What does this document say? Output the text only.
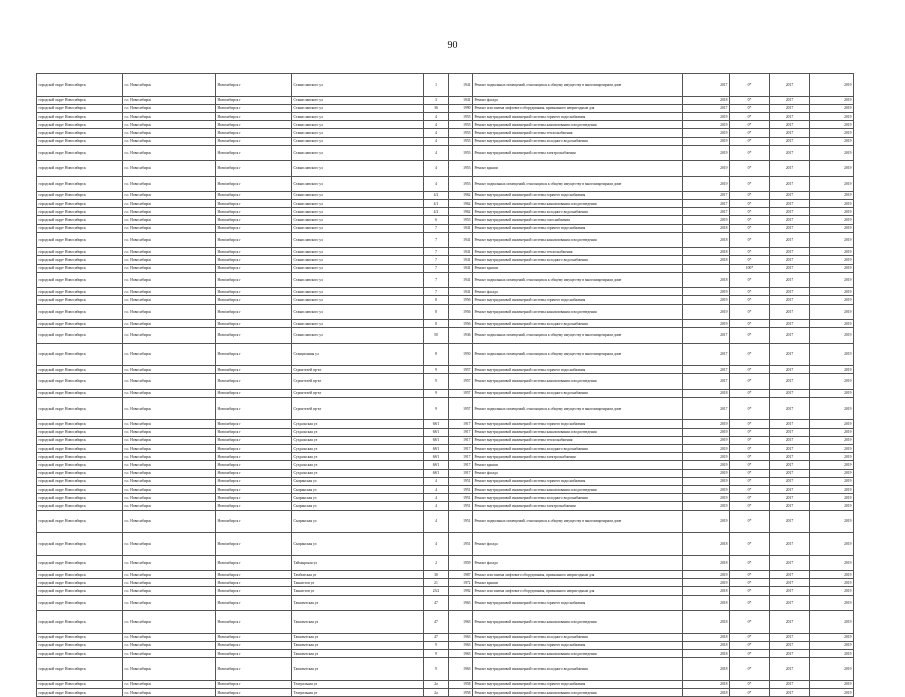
90
городской округ Новосибирск	г.о. Новосибирск	Новосибирск г	Станиславского ул	1	1941	Ремонт подвальных помещений, относящихся к общему имуществу в многоквартирном доме	2017	0*	2017	2019
городской округ Новосибирск	г.о. Новосибирск	Новосибирск г	Станиславского ул	3	1941	Ремонт фасада	2018	0*	2017	2019
городской округ Новосибирск	г.о. Новосибирск	Новосибирск г	Станиславского ул	36	1990	Ремонт или замена лифтового оборудования, признанного непригодным для	2017	0*	2017	2019
городской округ Новосибирск	г.о. Новосибирск	Новосибирск г	Станиславского ул	4	1953	Ремонт внутридомовой инженерной системы горячего водоснабжения	2019	0*	2017	2019
городской округ Новосибирск	г.о. Новосибирск	Новосибирск г	Станиславского ул	4	1953	Ремонт внутридомовой инженерной системы канализования и водоотведения	2019	0*	2017	2019
городской округ Новосибирск	г.о. Новосибирск	Новосибирск г	Станиславского ул	4	1953	Ремонт внутридомовой инженерной системы теплоснабжения	2019	0*	2017	2019
городской округ Новосибирск	г.о. Новосибирск	Новосибирск г	Станиславского ул	4	1953	Ремонт внутридомовой инженерной системы холодного водоснабжения	2019	0*	2017	2019
городской округ Новосибирск	г.о. Новосибирск	Новосибирск г	Станиславского ул	4	1953	Ремонт внутридомовой инженерной системы электроснабжения	2019	0*	2017	2019
городской округ Новосибирск	г.о. Новосибирск	Новосибирск г	Станиславского ул	4	1953	Ремонт крыши	2019	0*	2017	2019
городской округ Новосибирск	г.о. Новосибирск	Новосибирск г	Станиславского ул	4	1953	Ремонт подвальных помещений, относящихся к общему имуществу в многоквартирном доме	2019	0*	2017	2019
городской округ Новосибирск	г.о. Новосибирск	Новосибирск г	Станиславского ул	4/2	1962	Ремонт внутридомовой инженерной системы горячего водоснабжения	2017	0*	2017	2019
городской округ Новосибирск	г.о. Новосибирск	Новосибирск г	Станиславского ул	4/1	1962	Ремонт внутридомовой инженерной системы канализования и водоотведения	2017	0*	2017	2019
городской округ Новосибирск	г.о. Новосибирск	Новосибирск г	Станиславского ул	4/2	1962	Ремонт внутридомовой инженерной системы холодного водоснабжения	2017	0*	2017	2019
городской округ Новосибирск	г.о. Новосибирск	Новосибирск г	Станиславского ул	6	1953	Ремонт внутридомовой инженерной системы газоснабжения	2019	0*	2017	2019
городской округ Новосибирск	г.о. Новосибирск	Новосибирск г	Станиславского ул	7	1941	Ремонт внутридомовой инженерной системы горячего водоснабжения	2018	0*	2017	2019
городской округ Новосибирск	г.о. Новосибирск	Новосибирск г	Станиславского ул	7	1941	Ремонт внутридомовой инженерной системы канализования и водоотведения	2018	0*	2017	2019
городской округ Новосибирск	г.о. Новосибирск	Новосибирск г	Станиславского ул	7	1941	Ремонт внутридомовой инженерной системы теплоснабжения	2018	0*	2017	2019
городской округ Новосибирск	г.о. Новосибирск	Новосибирск г	Станиславского ул	7	1941	Ремонт внутридомовой инженерной системы холодного водоснабжения	2018	0*	2017	2019
городской округ Новосибирск	г.о. Новосибирск	Новосибирск г	Станиславского ул	7	1941	Ремонт крыши		100*	2017	2019
городской округ Новосибирск	г.о. Новосибирск	Новосибирск г	Станиславского ул	7	1941	Ремонт подвальных помещений, относящихся к общему имуществу в многоквартирном доме	2018	0*	2017	2019
городской округ Новосибирск	г.о. Новосибирск	Новосибирск г	Станиславского ул	7	1941	Ремонт фасада	2019	0*	2017	2019
городской округ Новосибирск	г.о. Новосибирск	Новосибирск г	Станиславского ул	8	1956	Ремонт внутридомовой инженерной системы горячего водоснабжения	2019	0*	2017	2019
городской округ Новосибирск	г.о. Новосибирск	Новосибирск г	Станиславского ул	8	1956	Ремонт внутридомовой инженерной системы канализования и водоотведения	2019	0*	2017	2019
городской округ Новосибирск	г.о. Новосибирск	Новосибирск г	Станиславского ул	8	1956	Ремонт внутридомовой инженерной системы холодного водоснабжения	2019	0*	2017	2019
городской округ Новосибирск	г.о. Новосибирск	Новосибирск г	Станиславского ул	50	1936	Ремонт подвальных помещений, относящихся к общему имуществу в многоквартирном доме	2017	0*	2017	2019
городской округ Новосибирск	г.о. Новосибирск	Новосибирск г	Станционная ул	8	1950	Ремонт подвальных помещений, относящихся к общему имуществу в многоквартирном доме	2017	0*	2017	2019
городской округ Новосибирск	г.о. Новосибирск	Новосибирск г	Строителей пр-кт	9	1957	Ремонт внутридомовой инженерной системы горячего водоснабжения	2017	0*	2017	2019
городской округ Новосибирск	г.о. Новосибирск	Новосибирск г	Строителей пр-кт	9	1957	Ремонт внутридомовой инженерной системы канализования и водоотведения	2017	0*	2017	2019
городской округ Новосибирск	г.о. Новосибирск	Новосибирск г	Строителей пр-кт	9	1957	Ремонт внутридомовой инженерной системы холодного водоснабжения	2018	0*	2017	2019
городской округ Новосибирск	г.о. Новосибирск	Новосибирск г	Строителей пр-кт	9	1957	Ремонт подвальных помещений, относящихся к общему имуществу в многоквартирном доме	2017	0*	2017	2019
городской округ Новосибирск	г.о. Новосибирск	Новосибирск г	Суздальская ул	68/1	1917	Ремонт внутридомовой инженерной системы горячего водоснабжения	2019	0*	2017	2019
городской округ Новосибирск	г.о. Новосибирск	Новосибирск г	Суздальская ул	68/1	1917	Ремонт внутридомовой инженерной системы канализования и водоотведения	2019	0*	2017	2019
городской округ Новосибирск	г.о. Новосибирск	Новосибирск г	Суздальская ул	68/1	1917	Ремонт внутридомовой инженерной системы теплоснабжения	2019	0*	2017	2019
городской округ Новосибирск	г.о. Новосибирск	Новосибирск г	Суздальская ул	68/1	1917	Ремонт внутридомовой инженерной системы холодного водоснабжения	2019	0*	2017	2019
городской округ Новосибирск	г.о. Новосибирск	Новосибирск г	Суздальская ул	68/1	1917	Ремонт внутридомовой инженерной системы электроснабжения	2019	0*	2017	2019
городской округ Новосибирск	г.о. Новосибирск	Новосибирск г	Суздальская ул	68/1	1917	Ремонт крыши	2019	0*	2017	2019
городской округ Новосибирск	г.о. Новосибирск	Новосибирск г	Суздальская ул	68/1	1917	Ремонт фасада	2019	0*	2017	2019
городской округ Новосибирск	г.о. Новосибирск	Новосибирск г	Сызранская ул	4	1951	Ремонт внутридомовой инженерной системы горячего водоснабжения	2019	0*	2017	2019
городской округ Новосибирск	г.о. Новосибирск	Новосибирск г	Сызранская ул	4	1951	Ремонт внутридомовой инженерной системы канализования и водоотведения	2019	0*	2017	2019
городской округ Новосибирск	г.о. Новосибирск	Новосибирск г	Сызранская ул	4	1951	Ремонт внутридомовой инженерной системы холодного водоснабжения	2019	0*	2017	2019
городской округ Новосибирск	г.о. Новосибирск	Новосибирск г	Сызранская ул	4	1951	Ремонт внутридомовой инженерной системы электроснабжения	2019	0*	2017	2019
городской округ Новосибирск	г.о. Новосибирск	Новосибирск г	Сызранская ул	4	1951	Ремонт подвальных помещений, относящихся к общему имуществу в многоквартирном доме	2019	0*	2017	2019
городской округ Новосибирск	г.о. Новосибирск	Новосибирск г	Сызранская ул	4	1951	Ремонт фасада	2018	0*	2017	2019
городской округ Новосибирск	г.о. Новосибирск	Новосибирск г	Таймырская ул	2	1959	Ремонт фасада	2018	0*	2017	2019
городской округ Новосибирск	г.о. Новосибирск	Новосибирск г	Тамбовская ул	30	1987	Ремонт или замена лифтового оборудования, признанного непригодным для	2019	0*	2017	2019
городской округ Новосибирск	г.о. Новосибирск	Новосибирск г	Танкистов ул	21	1972	Ремонт крыши	2019	0*	2017	2019
городской округ Новосибирск	г.о. Новосибирск	Новосибирск г	Танкистов ул	23/2	1992	Ремонт или замена лифтового оборудования, признанного непригодным для	2018	0*	2017	2019
городской округ Новосибирск	г.о. Новосибирск	Новосибирск г	Ташкентская ул	47	1963	Ремонт внутридомовой инженерной системы горячего водоснабжения	2018	0*	2017	2019
городской округ Новосибирск	г.о. Новосибирск	Новосибирск г	Ташкентская ул	47	1963	Ремонт внутридомовой инженерной системы канализования и водоотведения	2018	0*	2017	2019
городской округ Новосибирск	г.о. Новосибирск	Новосибирск г	Ташкентская ул	47	1963	Ремонт внутридомовой инженерной системы холодного водоснабжения	2018	0*	2017	2019
городской округ Новосибирск	г.о. Новосибирск	Новосибирск г	Ташкентская ул	9	1963	Ремонт внутридомовой инженерной системы горячего водоснабжения	2018	0*	2017	2019
городской округ Новосибирск	г.о. Новосибирск	Новосибирск г	Ташкентская ул	9	1963	Ремонт внутридомовой инженерной системы канализования и водоотведения	2018	0*	2017	2019
городской округ Новосибирск	г.о. Новосибирск	Новосибирск г	Ташкентская ул	9	1963	Ремонт внутридомовой инженерной системы холодного водоснабжения	2018	0*	2017	2019
городской округ Новосибирск	г.о. Новосибирск	Новосибирск г	Театральная ул	2а	1958	Ремонт внутридомовой инженерной системы горячего водоснабжения	2018	0*	2017	2019
городской округ Новосибирск	г.о. Новосибирск	Новосибирск г	Театральная ул	2а	1958	Ремонт внутридомовой инженерной системы канализования и водоотведения	2018	0*	2017	2019
